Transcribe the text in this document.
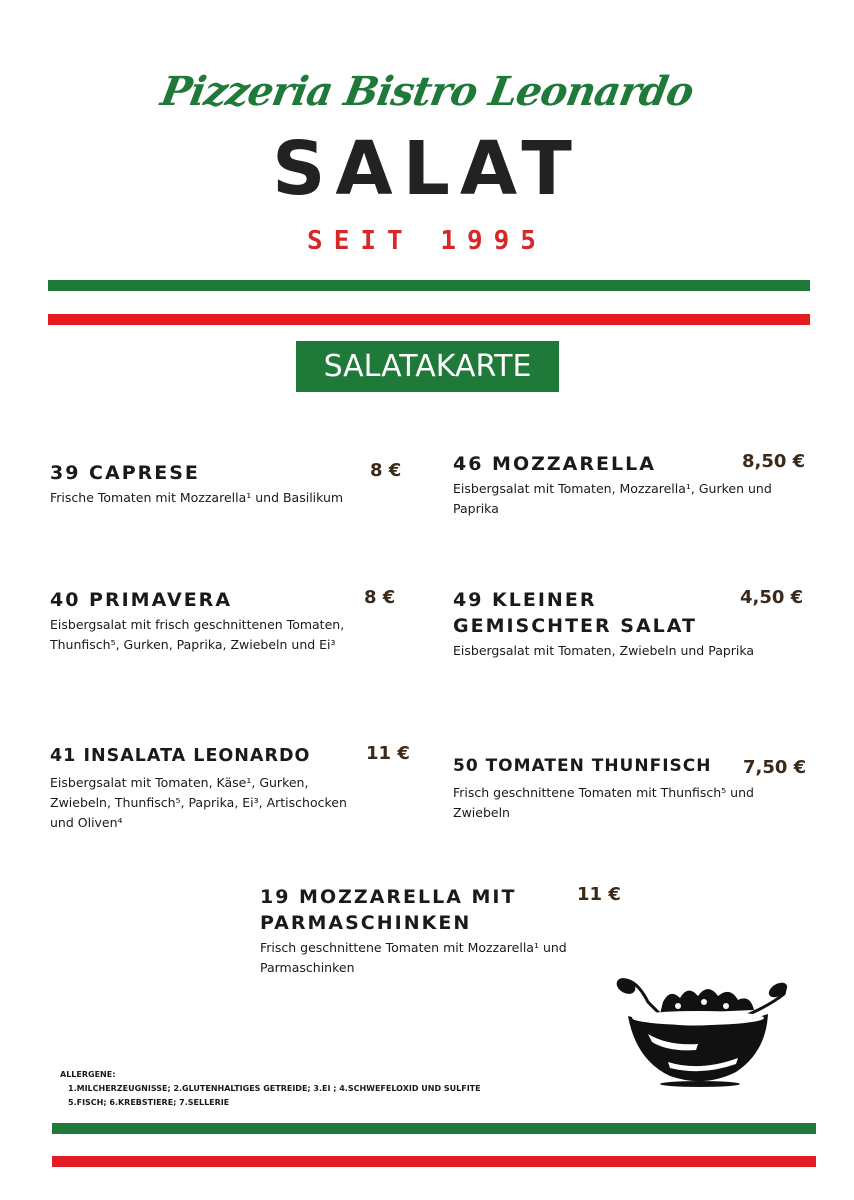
Pizzeria Bistro Leonardo
SALAT
SEIT 1995
SALATAKARTE
39 CAPRESE	8 €
Frische Tomaten mit Mozzarella¹ und Basilikum
40 PRIMAVERA	8 €
Eisbergsalat mit frisch geschnittenen Tomaten, Thunfisch⁵, Gurken, Paprika, Zwiebeln und Ei³
41 INSALATA LEONARDO	11 €
Eisbergsalat mit Tomaten, Käse¹, Gurken, Zwiebeln, Thunfisch⁵, Paprika, Ei³, Artischocken und Oliven⁴
46 MOZZARELLA	8,50 €
Eisbergsalat mit Tomaten, Mozzarella¹, Gurken und Paprika
49 KLEINER GEMISCHTER SALAT
4,50 €
Eisbergsalat mit Tomaten, Zwiebeln und Paprika
50 TOMATEN THUNFISCH	7,50 €
Frisch geschnittene Tomaten mit Thunfisch⁵ und Zwiebeln
19 MOZZARELLA MIT PARMASCHINKEN
11 €
Frisch geschnittene Tomaten mit Mozzarella¹ und Parmaschinken
ALLERGENE:
1.MILCHERZEUGNISSE; 2.GLUTENHALTIGES GETREIDE; 3.EI ; 4.SCHWEFELOXID UND SULFITE
5.FISCH; 6.KREBSTIERE; 7.SELLERIE
